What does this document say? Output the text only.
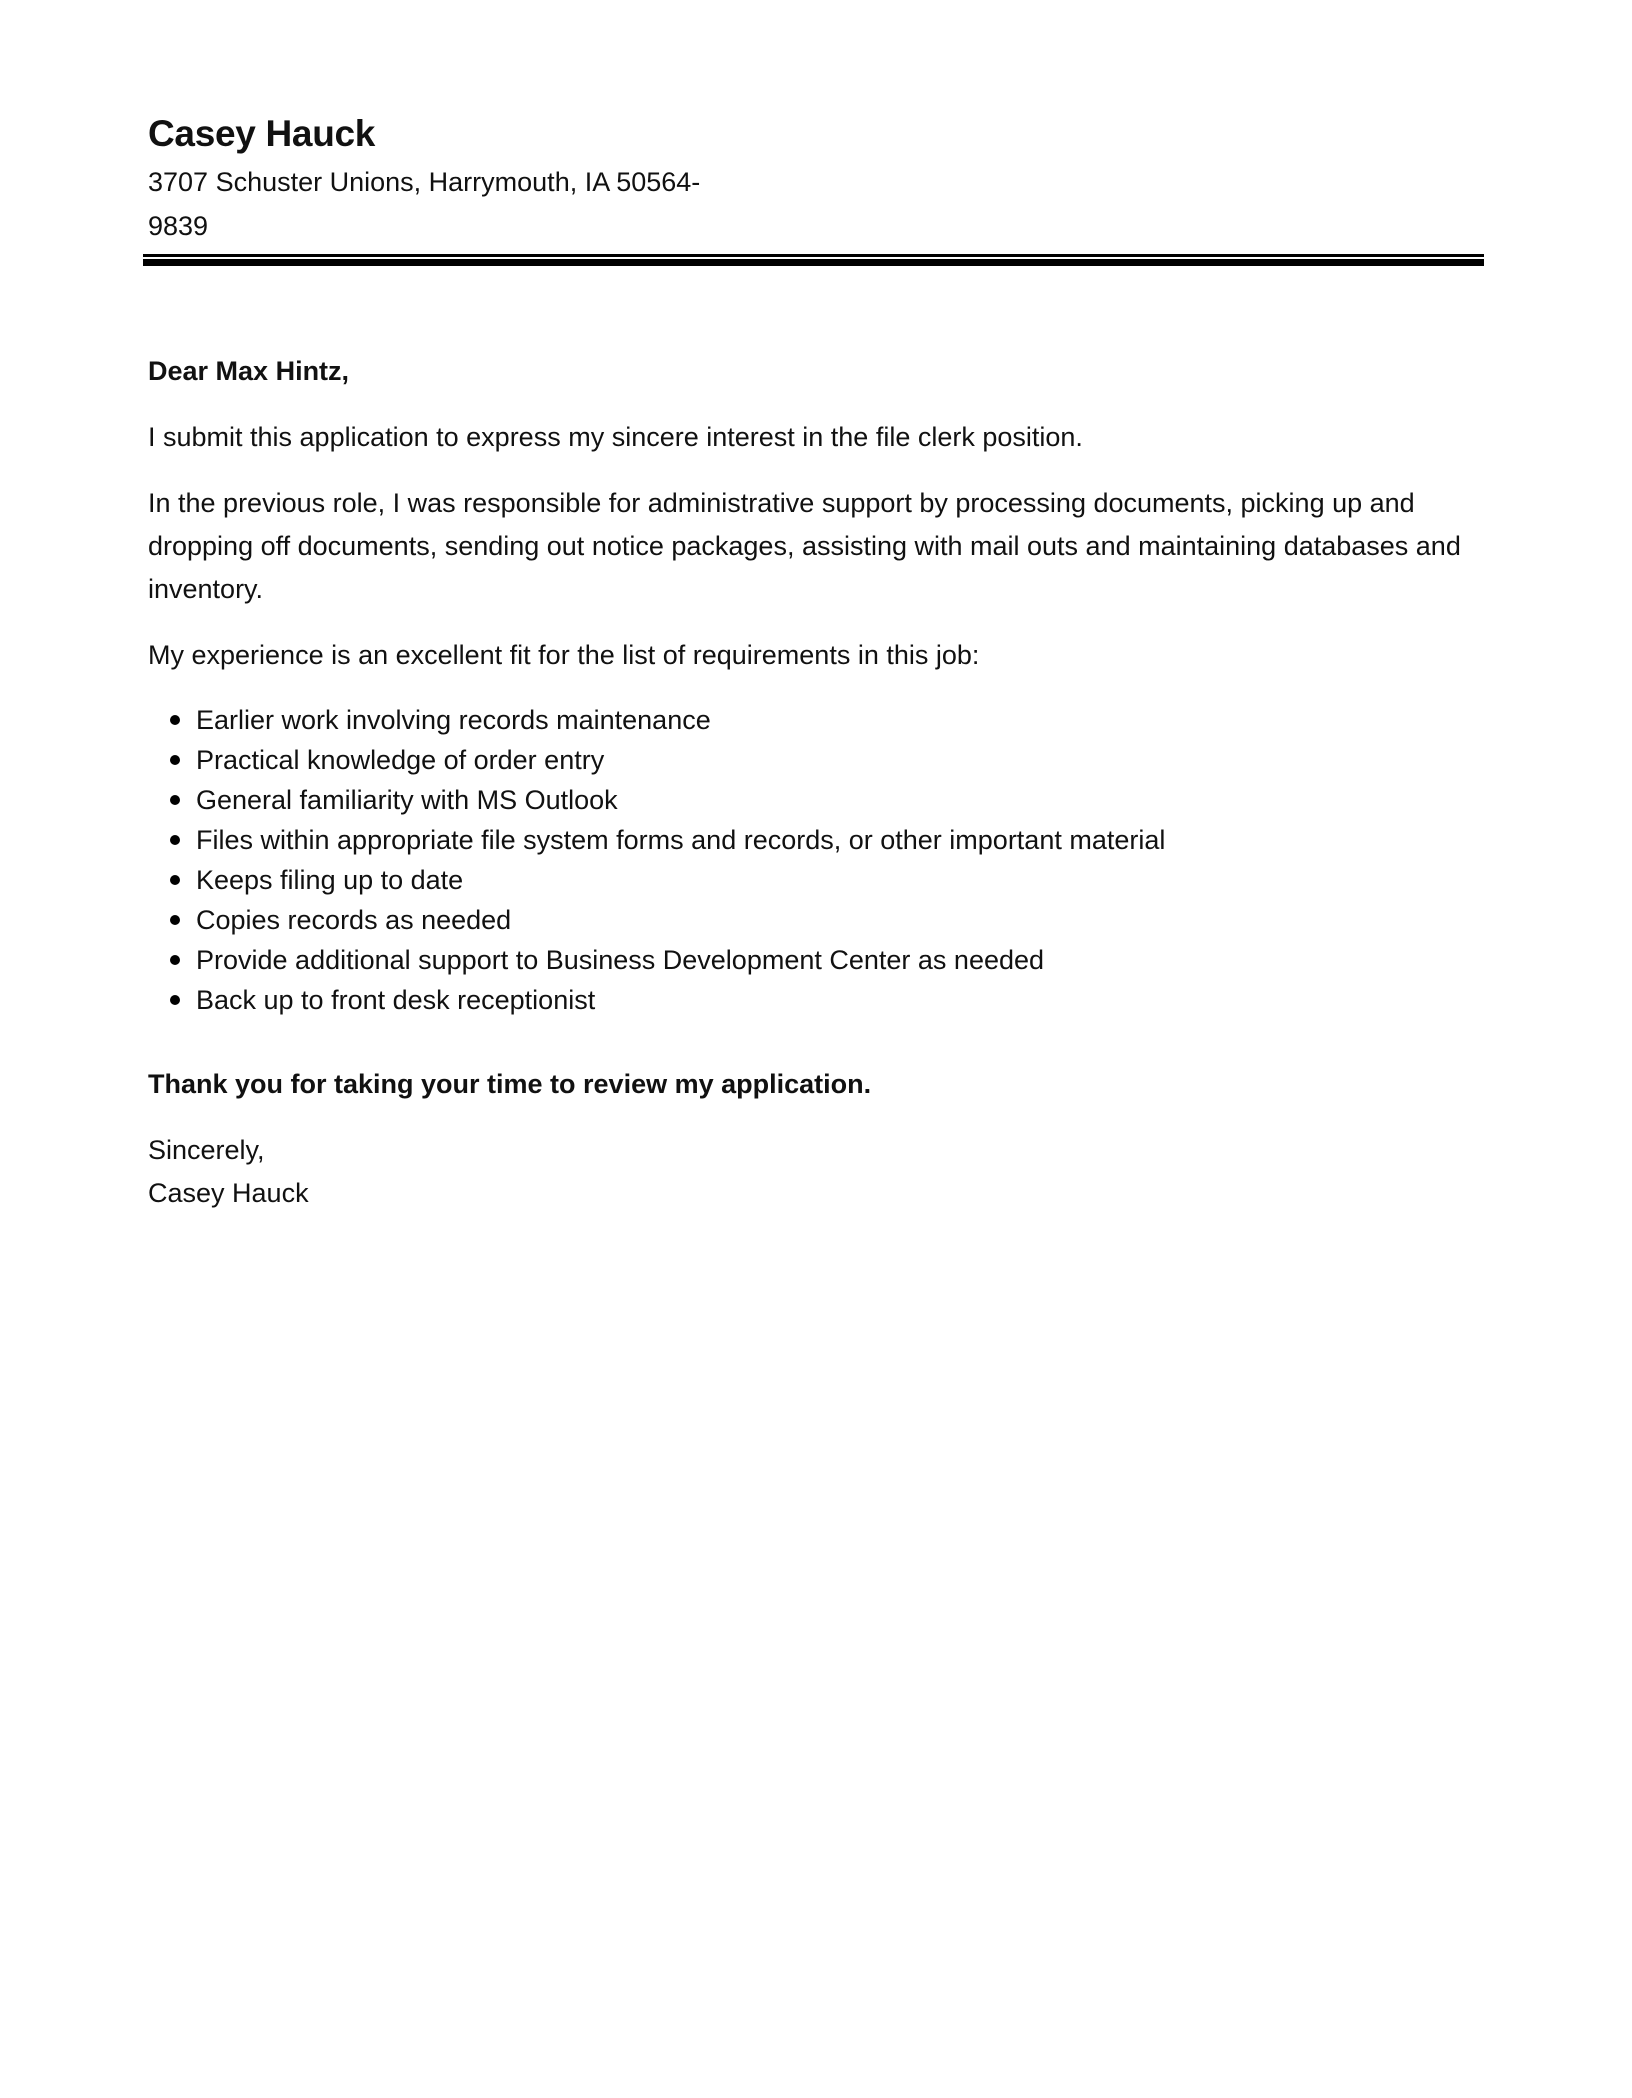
Casey Hauck
3707 Schuster Unions, Harrymouth, IA 50564-
9839

Dear Max Hintz,

I submit this application to express my sincere interest in the file clerk position.

In the previous role, I was responsible for administrative support by processing documents, picking up and dropping off documents, sending out notice packages, assisting with mail outs and maintaining databases and inventory.

My experience is an excellent fit for the list of requirements in this job:

Earlier work involving records maintenance
Practical knowledge of order entry
General familiarity with MS Outlook
Files within appropriate file system forms and records, or other important material
Keeps filing up to date
Copies records as needed
Provide additional support to Business Development Center as needed
Back up to front desk receptionist

Thank you for taking your time to review my application.

Sincerely,
Casey Hauck
